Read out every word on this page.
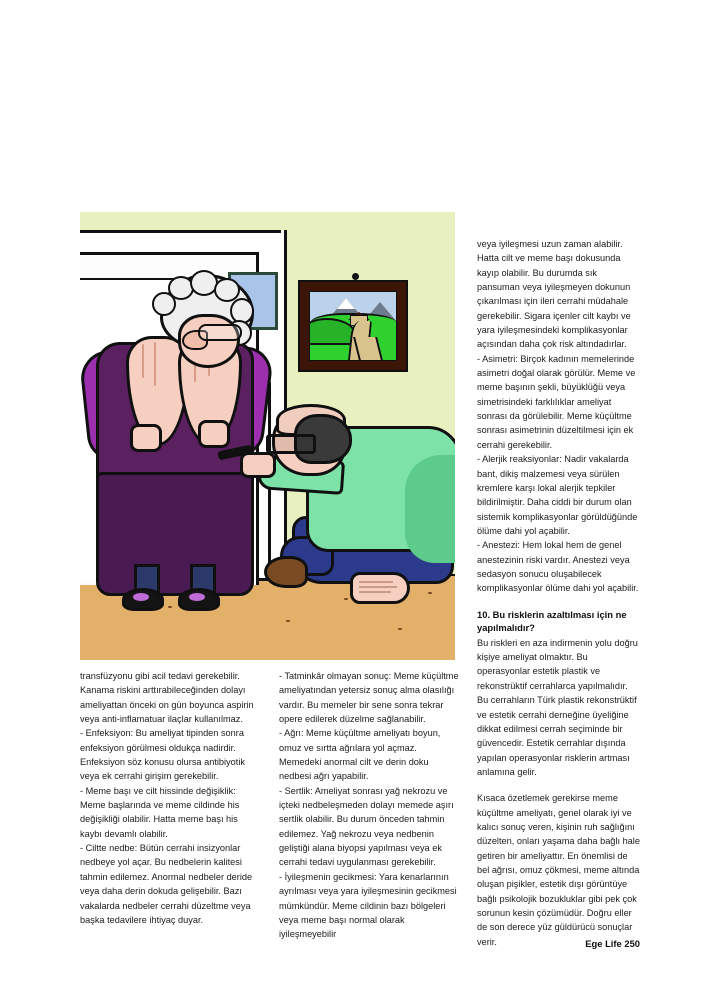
transfüzyonu gibi acil tedavi gerekebilir. Kanama riskini arttırabileceğinden dolayı ameliyattan önceki on gün boyunca aspirin veya anti-inflamatuar ilaçlar kullanılmaz.

- Enfeksiyon: Bu ameliyat tipinden sonra enfeksiyon görülmesi oldukça nadirdir. Enfeksiyon söz konusu olursa antibiyotik veya ek cerrahi girişim gerekebilir.

- Meme başı ve cilt hissinde değişiklik: Meme başlarında ve meme cildinde his değişikliği olabilir. Hatta meme başı his kaybı devamlı olabilir.

- Ciltte nedbe: Bütün cerrahi insizyonlar nedbeye yol açar. Bu nedbelerin kalitesi tahmin edilemez. Anormal nedbeler deride veya daha derin dokuda gelişebilir. Bazı vakalarda nedbeler cerrahi düzeltme veya başka tedavilere ihtiyaç duyar.

- Tatminkâr olmayan sonuç: Meme küçültme ameliyatından yetersiz sonuç alma olasılığı vardır. Bu memeler bir sene sonra tekrar opere edilerek düzelme sağlanabilir.

- Ağrı: Meme küçültme ameliyatı boyun, omuz ve sırtta ağrılara yol açmaz. Memedeki anormal cilt ve derin doku nedbesi ağrı yapabilir.

- Sertlik: Ameliyat sonrası yağ nekrozu ve içteki nedbeleşmeden dolayı memede aşırı sertlik olabilir. Bu durum önceden tahmin edilemez. Yağ nekrozu veya nedbenin geliştiği alana biyopsi yapılması veya ek cerrahi tedavi uygulanması gerekebilir.

- İyileşmenin gecikmesi: Yara kenarlarının ayrılması veya yara iyileşmesinin gecikmesi mümkündür. Meme cildinin bazı bölgeleri veya meme başı normal olarak iyileşmeyebilir

veya iyileşmesi uzun zaman alabilir. Hatta cilt ve meme başı dokusunda kayıp olabilir. Bu durumda sık pansuman veya iyileşmeyen dokunun çıkarılması için ileri cerrahi müdahale gerekebilir. Sigara içenler cilt kaybı ve yara iyileşmesindeki komplikasyonlar açısından daha çok risk altındadırlar.

- Asimetri: Birçok kadının memelerinde asimetri doğal olarak görülür. Meme ve meme başının şekli, büyüklüğü veya simetrisindeki farklılıklar ameliyat sonrası da görülebilir. Meme küçültme sonrası asimetrinin düzeltilmesi için ek cerrahi gerekebilir.

- Alerjik reaksiyonlar: Nadir vakalarda bant, dikiş malzemesi veya sürülen kremlere karşı lokal alerjik tepkiler bildirilmiştir. Daha ciddi bir durum olan sistemik komplikasyonlar görüldüğünde ölüme dahi yol açabilir.

- Anestezi: Hem lokal hem de genel anestezinin riski vardır. Anestezi veya sedasyon sonucu oluşabilecek komplikasyonlar ölüme dahi yol açabilir.

10. Bu risklerin azaltılması için ne yapılmalıdır?

Bu riskleri en aza indirmenin yolu doğru kişiye ameliyat olmaktır. Bu operasyonlar estetik plastik ve rekonstrüktif cerrahlarca yapılmalıdır. Bu cerrahların Türk plastik rekonstrüktif ve estetik cerrahi derneğine üyeliğine dikkat edilmesi cerrah seçiminde bir güvencedir. Estetik cerrahlar dışında yapılan operasyonlar risklerin artması anlamına gelir.

Kısaca özetlemek gerekirse meme küçültme ameliyatı, genel olarak iyi ve kalıcı sonuç veren, kişinin ruh sağlığını düzelten, onları yaşama daha bağlı hale getiren bir ameliyattır. En önemlisi de bel ağrısı, omuz çökmesi, meme altında oluşan pişikler, estetik dışı görüntüye bağlı psikolojik bozukluklar gibi pek çok sorunun kesin çözümüdür. Doğru eller de son derece yüz güldürücü sonuçlar verir.	Ege Life 250
